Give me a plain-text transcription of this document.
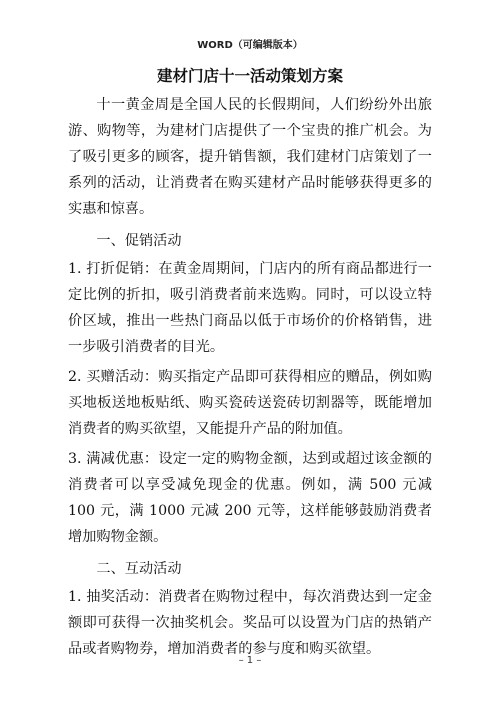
WORD（可编辑版本）
建材门店十一活动策划方案

十一黄金周是全国人民的长假期间，人们纷纷外出旅游、购物等，为建材门店提供了一个宝贵的推广机会。为了吸引更多的顾客，提升销售额，我们建材门店策划了一系列的活动，让消费者在购买建材产品时能够获得更多的实惠和惊喜。

一、促销活动

1. 打折促销：在黄金周期间，门店内的所有商品都进行一定比例的折扣，吸引消费者前来选购。同时，可以设立特价区域，推出一些热门商品以低于市场价的价格销售，进一步吸引消费者的目光。

2. 买赠活动：购买指定产品即可获得相应的赠品，例如购买地板送地板贴纸、购买瓷砖送瓷砖切割器等，既能增加消费者的购买欲望，又能提升产品的附加值。

3. 满减优惠：设定一定的购物金额，达到或超过该金额的消费者可以享受减免现金的优惠。例如，满 500 元减 100 元，满 1000 元减 200 元等，这样能够鼓励消费者增加购物金额。

二、互动活动

1. 抽奖活动：消费者在购物过程中，每次消费达到一定金额即可获得一次抽奖机会。奖品可以设置为门店的热销产品或者购物券，增加消费者的参与度和购买欲望。

– 1 –
